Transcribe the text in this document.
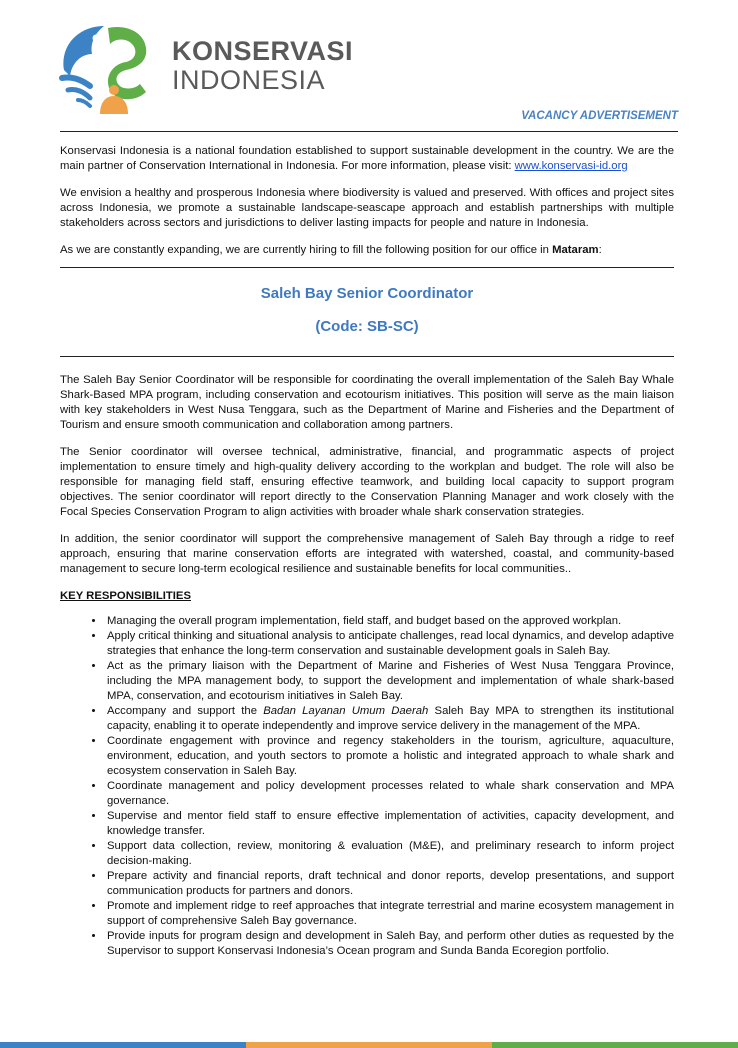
KONSERVASI
INDONESIA
VACANCY ADVERTISEMENT

Konservasi Indonesia is a national foundation established to support sustainable development in the country. We are the main partner of Conservation International in Indonesia. For more information, please visit: www.konservasi-id.org

We envision a healthy and prosperous Indonesia where biodiversity is valued and preserved. With offices and project sites across Indonesia, we promote a sustainable landscape-seascape approach and establish partnerships with multiple stakeholders across sectors and jurisdictions to deliver lasting impacts for people and nature in Indonesia.

As we are constantly expanding, we are currently hiring to fill the following position for our office in Mataram:

Saleh Bay Senior Coordinator
(Code: SB-SC)

The Saleh Bay Senior Coordinator will be responsible for coordinating the overall implementation of the Saleh Bay Whale Shark-Based MPA program, including conservation and ecotourism initiatives. This position will serve as the main liaison with key stakeholders in West Nusa Tenggara, such as the Department of Marine and Fisheries and the Department of Tourism and ensure smooth communication and collaboration among partners.

The Senior coordinator will oversee technical, administrative, financial, and programmatic aspects of project implementation to ensure timely and high-quality delivery according to the workplan and budget. The role will also be responsible for managing field staff, ensuring effective teamwork, and building local capacity to support program objectives. The senior coordinator will report directly to the Conservation Planning Manager and work closely with the Focal Species Conservation Program to align activities with broader whale shark conservation strategies.

In addition, the senior coordinator will support the comprehensive management of Saleh Bay through a ridge to reef approach, ensuring that marine conservation efforts are integrated with watershed, coastal, and community-based management to secure long-term ecological resilience and sustainable benefits for local communities..

KEY RESPONSIBILITIES
• Managing the overall program implementation, field staff, and budget based on the approved workplan.
• Apply critical thinking and situational analysis to anticipate challenges, read local dynamics, and develop adaptive strategies that enhance the long-term conservation and sustainable development goals in Saleh Bay.
• Act as the primary liaison with the Department of Marine and Fisheries of West Nusa Tenggara Province, including the MPA management body, to support the development and implementation of whale shark-based MPA, conservation, and ecotourism initiatives in Saleh Bay.
• Accompany and support the Badan Layanan Umum Daerah Saleh Bay MPA to strengthen its institutional capacity, enabling it to operate independently and improve service delivery in the management of the MPA.
• Coordinate engagement with province and regency stakeholders in the tourism, agriculture, aquaculture, environment, education, and youth sectors to promote a holistic and integrated approach to whale shark and ecosystem conservation in Saleh Bay.
• Coordinate management and policy development processes related to whale shark conservation and MPA governance.
• Supervise and mentor field staff to ensure effective implementation of activities, capacity development, and knowledge transfer.
• Support data collection, review, monitoring & evaluation (M&E), and preliminary research to inform project decision-making.
• Prepare activity and financial reports, draft technical and donor reports, develop presentations, and support communication products for partners and donors.
• Promote and implement ridge to reef approaches that integrate terrestrial and marine ecosystem management in support of comprehensive Saleh Bay governance.
• Provide inputs for program design and development in Saleh Bay, and perform other duties as requested by the Supervisor to support Konservasi Indonesia’s Ocean program and Sunda Banda Ecoregion portfolio.
